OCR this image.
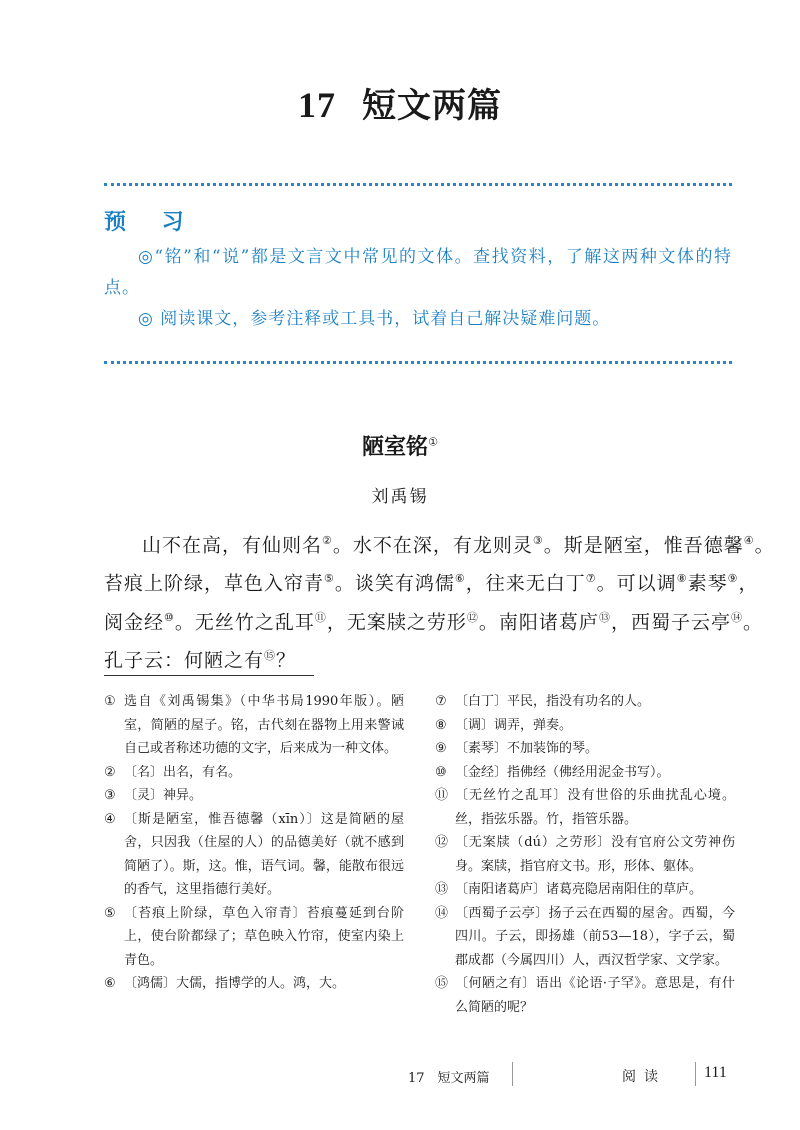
17 短文两篇
预 习
◎“铭”和“说”都是文言文中常见的文体。查找资料，了解这两种文体的特点。
◎ 阅读课文，参考注释或工具书，试着自己解决疑难问题。
陋室铭①
刘禹锡
山不在高，有仙则名②。水不在深，有龙则灵③。斯是陋室，惟吾德馨④。
苔痕上阶绿，草色入帘青⑤。谈笑有鸿儒⑥，往来无白丁⑦。可以调⑧素琴⑨，
阅金经⑩。无丝竹之乱耳⑪，无案牍之劳形⑫。南阳诸葛庐⑬，西蜀子云亭⑭。
孔子云：何陋之有⑮？
① 选自《刘禹锡集》（中华书局1990年版）。陋室，简陋的屋子。铭，古代刻在器物上用来警诫自己或者称述功德的文字，后来成为一种文体。
② 〔名〕出名，有名。
③ 〔灵〕神异。
④ 〔斯是陋室，惟吾德馨（xīn）〕这是简陋的屋舍，只因我（住屋的人）的品德美好（就不感到简陋了）。斯，这。惟，语气词。馨，能散布很远的香气，这里指德行美好。
⑤ 〔苔痕上阶绿，草色入帘青〕苔痕蔓延到台阶上，使台阶都绿了；草色映入竹帘，使室内染上青色。
⑥ 〔鸿儒〕大儒，指博学的人。鸿，大。
⑦ 〔白丁〕平民，指没有功名的人。
⑧ 〔调〕调弄，弹奏。
⑨ 〔素琴〕不加装饰的琴。
⑩ 〔金经〕指佛经（佛经用泥金书写）。
⑪ 〔无丝竹之乱耳〕没有世俗的乐曲扰乱心境。丝，指弦乐器。竹，指管乐器。
⑫ 〔无案牍（dú）之劳形〕没有官府公文劳神伤身。案牍，指官府文书。形，形体、躯体。
⑬ 〔南阳诸葛庐〕诸葛亮隐居南阳住的草庐。
⑭ 〔西蜀子云亭〕扬子云在西蜀的屋舍。西蜀，今四川。子云，即扬雄（前53—18），字子云，蜀郡成都（今属四川）人，西汉哲学家、文学家。
⑮ 〔何陋之有〕语出《论语·子罕》。意思是，有什么简陋的呢？
17　短文两篇	阅读 111
